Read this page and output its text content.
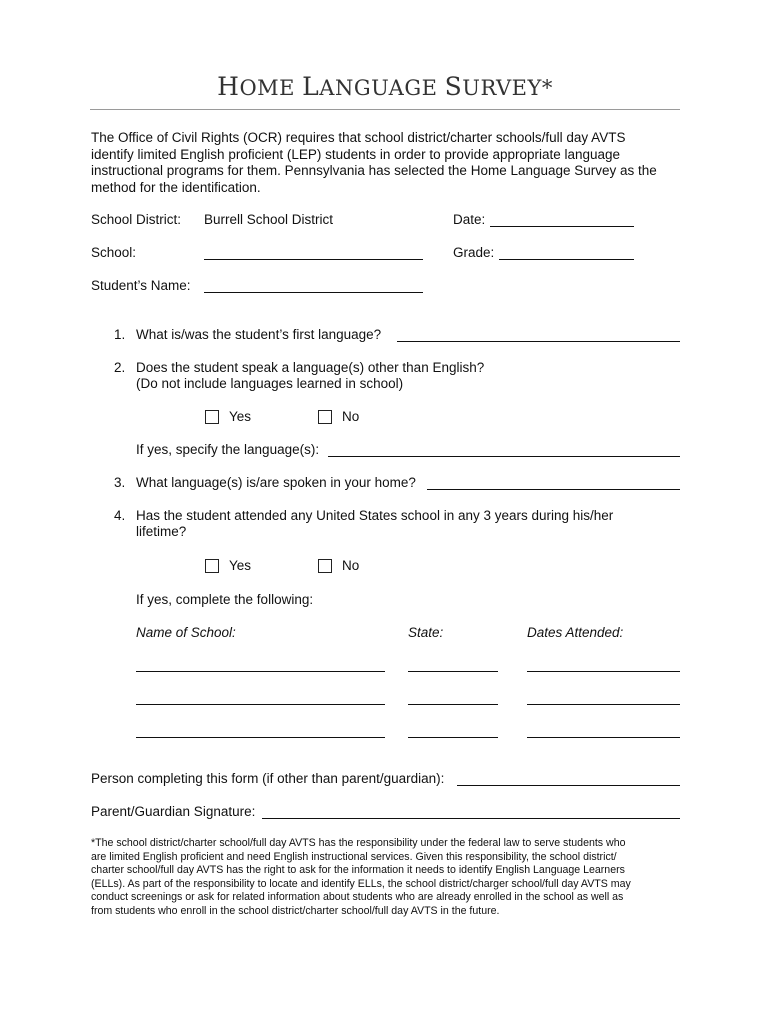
HOME LANGUAGE SURVEY*
The Office of Civil Rights (OCR) requires that school district/charter schools/full day AVTS
identify limited English proficient (LEP) students in order to provide appropriate language
instructional programs for them. Pennsylvania has selected the Home Language Survey as the
method for the identification.
School District: Burrell School District	Date:
School:	Grade:
Student’s Name:
1. What is/was the student’s first language?
2. Does the student speak a language(s) other than English?
(Do not include languages learned in school)
Yes	No
If yes, specify the language(s):
3. What language(s) is/are spoken in your home?
4. Has the student attended any United States school in any 3 years during his/her
lifetime?
Yes	No
If yes, complete the following:
Name of School:	State:	Dates Attended:
Person completing this form (if other than parent/guardian):
Parent/Guardian Signature:
*The school district/charter school/full day AVTS has the responsibility under the federal law to serve students who
are limited English proficient and need English instructional services. Given this responsibility, the school district/
charter school/full day AVTS has the right to ask for the information it needs to identify English Language Learners
(ELLs). As part of the responsibility to locate and identify ELLs, the school district/charger school/full day AVTS may
conduct screenings or ask for related information about students who are already enrolled in the school as well as
from students who enroll in the school district/charter school/full day AVTS in the future.
